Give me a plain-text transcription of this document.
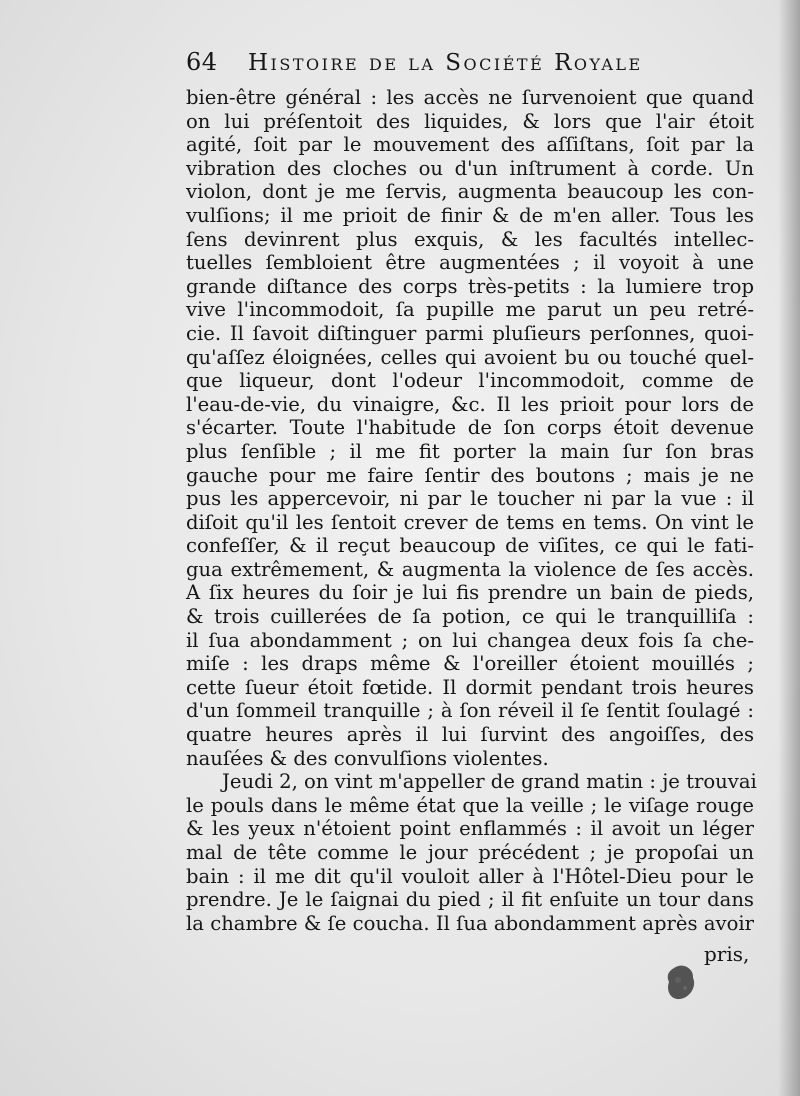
64	Histoire de la Société Royale
bien-être général : les accès ne ſurvenoient que quand
on lui préſentoit des liquides, & lors que l'air étoit
agité, ſoit par le mouvement des aſſiſtans, ſoit par la
vibration des cloches ou d'un inſtrument à corde. Un
violon, dont je me ſervis, augmenta beaucoup les con-
vulſions; il me prioit de finir & de m'en aller. Tous les
ſens devinrent plus exquis, & les facultés intellec-
tuelles ſembloient être augmentées ; il voyoit à une
grande diſtance des corps très-petits : la lumiere trop
vive l'incommodoit, ſa pupille me parut un peu retré-
cie. Il ſavoit diſtinguer parmi pluſieurs perſonnes, quoi-
qu'aſſez éloignées, celles qui avoient bu ou touché quel-
que liqueur, dont l'odeur l'incommodoit, comme de
l'eau-de-vie, du vinaigre, &c. Il les prioit pour lors de
s'écarter. Toute l'habitude de ſon corps étoit devenue
plus ſenſible ; il me fit porter la main ſur ſon bras
gauche pour me faire ſentir des boutons ; mais je ne
pus les appercevoir, ni par le toucher ni par la vue : il
diſoit qu'il les ſentoit crever de tems en tems. On vint le
confeſſer, & il reçut beaucoup de viſites, ce qui le fati-
gua extrêmement, & augmenta la violence de ſes accès.
A ſix heures du ſoir je lui fis prendre un bain de pieds,
& trois cuillerées de ſa potion, ce qui le tranquilliſa :
il ſua abondamment ; on lui changea deux fois ſa che-
miſe : les draps même & l'oreiller étoient mouillés ;
cette ſueur étoit fœtide. Il dormit pendant trois heures
d'un ſommeil tranquille ; à ſon réveil il ſe ſentit ſoulagé :
quatre heures après il lui ſurvint des angoiſſes, des
nauſées & des convulſions violentes.
Jeudi 2, on vint m'appeller de grand matin : je trouvai
le pouls dans le même état que la veille ; le viſage rouge
& les yeux n'étoient point enflammés : il avoit un léger
mal de tête comme le jour précédent ; je propoſai un
bain : il me dit qu'il vouloit aller à l'Hôtel-Dieu pour le
prendre. Je le ſaignai du pied ; il fit enſuite un tour dans
la chambre & ſe coucha. Il ſua abondamment après avoir
pris,
